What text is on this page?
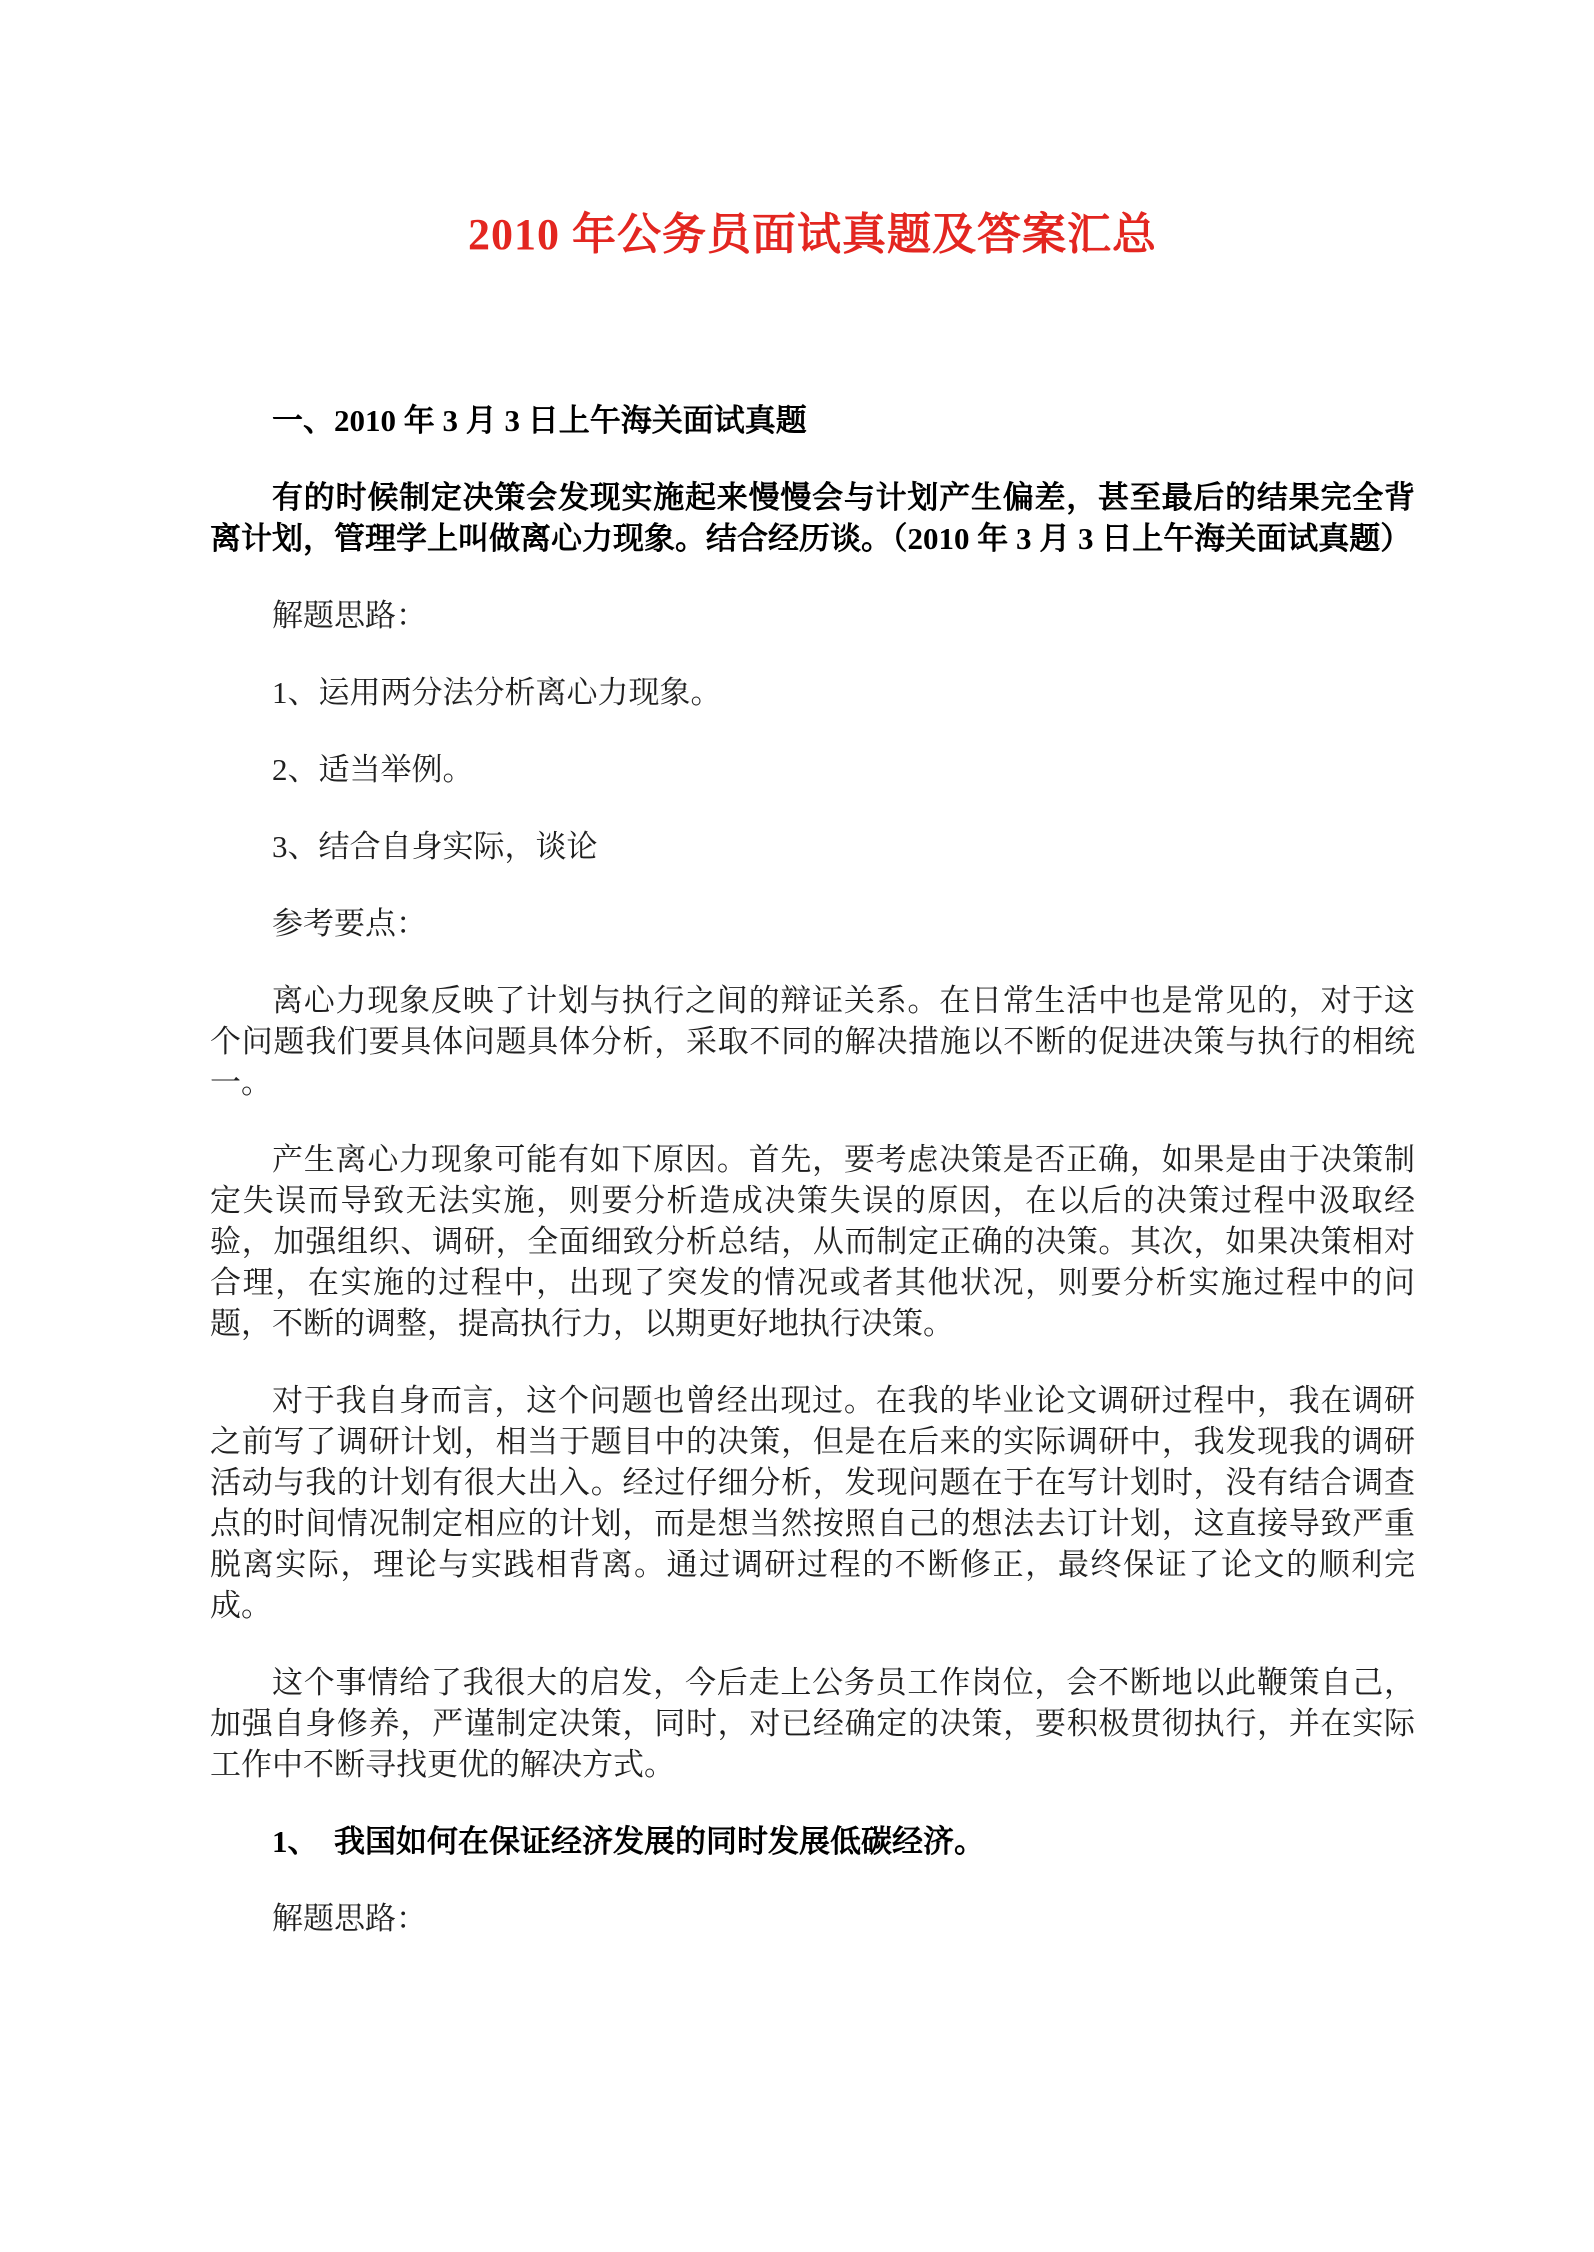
2010 年公务员面试真题及答案汇总

一、2010 年 3 月 3 日上午海关面试真题

有的时候制定决策会发现实施起来慢慢会与计划产生偏差，甚至最后的结果完全背离计划，管理学上叫做离心力现象。结合经历谈。（2010 年 3 月 3 日上午海关面试真题）

解题思路：

1、运用两分法分析离心力现象。

2、适当举例。

3、结合自身实际，谈论

参考要点：

离心力现象反映了计划与执行之间的辩证关系。在日常生活中也是常见的，对于这个问题我们要具体问题具体分析，采取不同的解决措施以不断的促进决策与执行的相统一。

产生离心力现象可能有如下原因。首先，要考虑决策是否正确，如果是由于决策制定失误而导致无法实施，则要分析造成决策失误的原因，在以后的决策过程中汲取经验，加强组织、调研，全面细致分析总结，从而制定正确的决策。其次，如果决策相对合理，在实施的过程中，出现了突发的情况或者其他状况，则要分析实施过程中的问题，不断的调整，提高执行力，以期更好地执行决策。

对于我自身而言，这个问题也曾经出现过。在我的毕业论文调研过程中，我在调研之前写了调研计划，相当于题目中的决策，但是在后来的实际调研中，我发现我的调研活动与我的计划有很大出入。经过仔细分析，发现问题在于在写计划时，没有结合调查点的时间情况制定相应的计划，而是想当然按照自己的想法去订计划，这直接导致严重脱离实际，理论与实践相背离。通过调研过程的不断修正，最终保证了论文的顺利完成。

这个事情给了我很大的启发，今后走上公务员工作岗位，会不断地以此鞭策自己，加强自身修养，严谨制定决策，同时，对已经确定的决策，要积极贯彻执行，并在实际工作中不断寻找更优的解决方式。

1、　我国如何在保证经济发展的同时发展低碳经济。

解题思路：
